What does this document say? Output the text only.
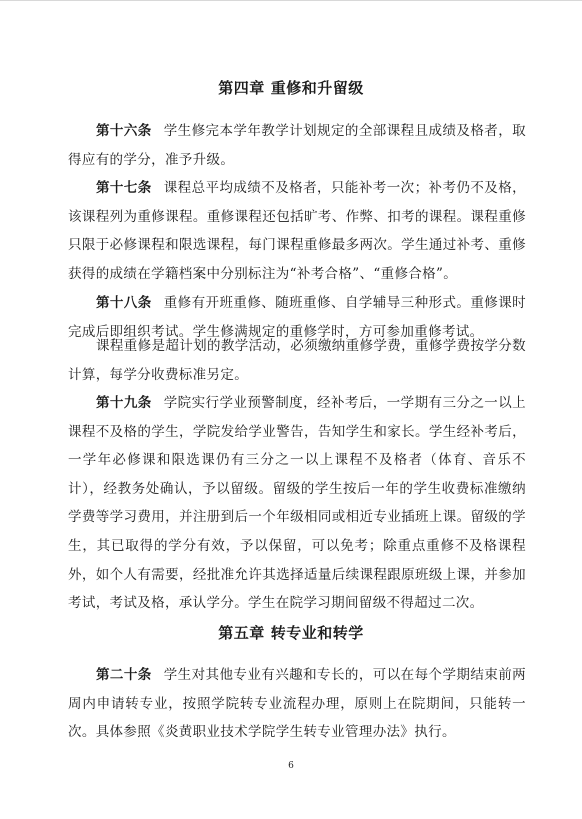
第四章 重修和升留级

第十六条 学生修完本学年教学计划规定的全部课程且成绩及格者，取得应有的学分，准予升级。

第十七条 课程总平均成绩不及格者，只能补考一次；补考仍不及格，该课程列为重修课程。重修课程还包括旷考、作弊、扣考的课程。课程重修只限于必修课程和限选课程，每门课程重修最多两次。学生通过补考、重修获得的成绩在学籍档案中分别标注为“补考合格”、“重修合格”。

第十八条 重修有开班重修、随班重修、自学辅导三种形式。重修课时完成后即组织考试。学生修满规定的重修学时，方可参加重修考试。

课程重修是超计划的教学活动，必须缴纳重修学费，重修学费按学分数计算，每学分收费标准另定。

第十九条 学院实行学业预警制度，经补考后，一学期有三分之一以上课程不及格的学生，学院发给学业警告，告知学生和家长。学生经补考后，一学年必修课和限选课仍有三分之一以上课程不及格者（体育、音乐不计），经教务处确认，予以留级。留级的学生按后一年的学生收费标准缴纳学费等学习费用，并注册到后一个年级相同或相近专业插班上课。留级的学生，其已取得的学分有效，予以保留，可以免考；除重点重修不及格课程外，如个人有需要，经批准允许其选择适量后续课程跟原班级上课，并参加考试，考试及格，承认学分。学生在院学习期间留级不得超过二次。

第五章 转专业和转学

第二十条 学生对其他专业有兴趣和专长的，可以在每个学期结束前两周内申请转专业，按照学院转专业流程办理，原则上在院期间，只能转一次。具体参照《炎黄职业技术学院学生转专业管理办法》执行。

6
